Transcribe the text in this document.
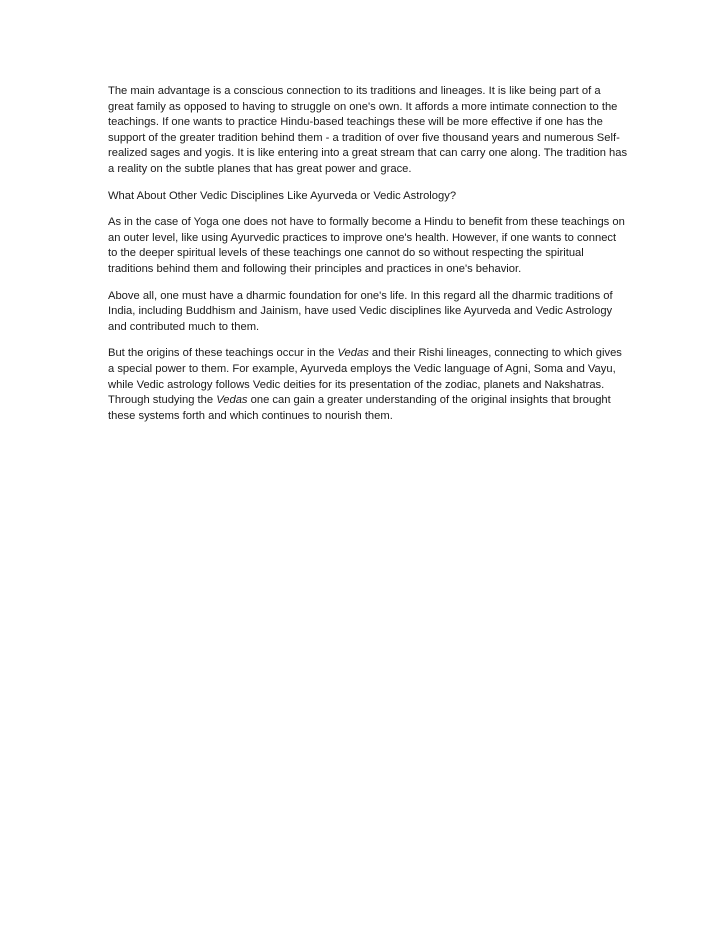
The main advantage is a conscious connection to its traditions and lineages. It is like being part of a great family as opposed to having to struggle on one's own. It affords a more intimate connection to the teachings. If one wants to practice Hindu-based teachings these will be more effective if one has the support of the greater tradition behind them - a tradition of over five thousand years and numerous Self-realized sages and yogis. It is like entering into a great stream that can carry one along. The tradition has a reality on the subtle planes that has great power and grace.

What About Other Vedic Disciplines Like Ayurveda or Vedic Astrology?

As in the case of Yoga one does not have to formally become a Hindu to benefit from these teachings on an outer level, like using Ayurvedic practices to improve one's health. However, if one wants to connect to the deeper spiritual levels of these teachings one cannot do so without respecting the spiritual traditions behind them and following their principles and practices in one's behavior.

Above all, one must have a dharmic foundation for one's life. In this regard all the dharmic traditions of India, including Buddhism and Jainism, have used Vedic disciplines like Ayurveda and Vedic Astrology and contributed much to them.

But the origins of these teachings occur in the Vedas and their Rishi lineages, connecting to which gives a special power to them. For example, Ayurveda employs the Vedic language of Agni, Soma and Vayu, while Vedic astrology follows Vedic deities for its presentation of the zodiac, planets and Nakshatras. Through studying the Vedas one can gain a greater understanding of the original insights that brought these systems forth and which continues to nourish them.
